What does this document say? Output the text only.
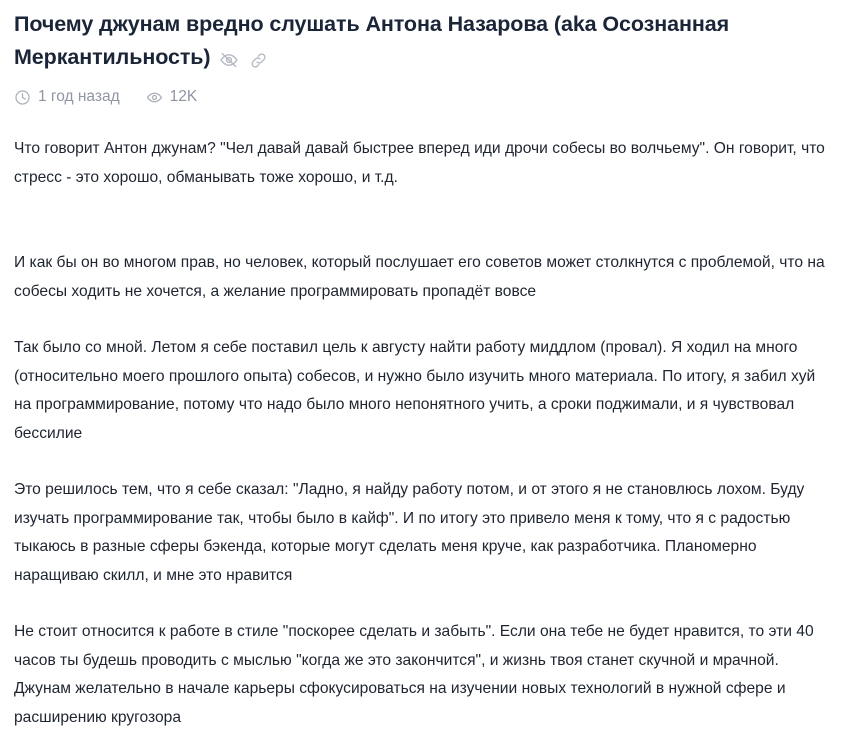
Почему джунам вредно слушать Антона Назарова (aka Осознанная Меркантильность)
1 год назад	12K

Что говорит Антон джунам? "Чел давай давай быстрее вперед иди дрочи собесы во волчьему". Он говорит, что стресс - это хорошо, обманывать тоже хорошо, и т.д.

И как бы он во многом прав, но человек, который послушает его советов может столкнутся с проблемой, что на собесы ходить не хочется, а желание программировать пропадёт вовсе

Так было со мной. Летом я себе поставил цель к августу найти работу миддлом (провал). Я ходил на много (относительно моего прошлого опыта) собесов, и нужно было изучить много материала. По итогу, я забил хуй на программирование, потому что надо было много непонятного учить, а сроки поджимали, и я чувствовал бессилие

Это решилось тем, что я себе сказал: "Ладно, я найду работу потом, и от этого я не становлюсь лохом. Буду изучать программирование так, чтобы было в кайф". И по итогу это привело меня к тому, что я с радостью тыкаюсь в разные сферы бэкенда, которые могут сделать меня круче, как разработчика. Планомерно наращиваю скилл, и мне это нравится

Не стоит относится к работе в стиле "поскорее сделать и забыть". Если она тебе не будет нравится, то эти 40 часов ты будешь проводить с мыслью "когда же это закончится", и жизнь твоя станет скучной и мрачной. Джунам желательно в начале карьеры сфокусироваться на изучении новых технологий в нужной сфере и расширению кругозора
